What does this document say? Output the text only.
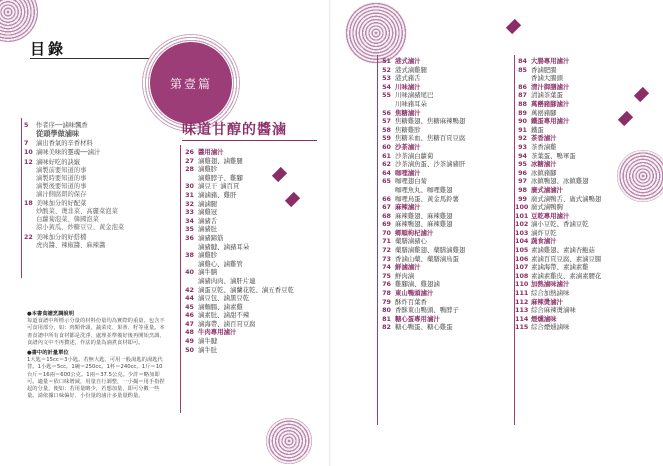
目錄
第壹篇
味道甘醇的醬滷
5 作者序──滷味飄香
從頭學做滷味
7 滷出香氣的辛香材料
10 滷味美味的靈魂──滷汁
12 滷味好吃的訣竅
滷製前要知道的事
滷製時要知道的事
滷製後要知道的事
滷汁側腐朗的保存
18 美味加分的好配菜
炒酸菜、燙韭菜、高麗菜泡菜
白蘿蔔泡菜、韓國泡菜
涼小黃瓜、炒糖豆豆、黃金泡菜
22 美味加分的好搭檔
虎肉醬、辣椒醬、麻辣醬
●本書食譜烹調說明
每道食譜中所標示分量的材料份量均為實際的重量，包含不可食用部分，如：肉類骨頭、蔬菜皮、果蒂、籽等重量。本書食譜中所有食材都是洗淨、處理並準備好後再開始烹調，食譜內文中不再贅述，作法的量為滷煮食材即可。
●書中的計量單位
1大匙＝15cc＝3小匙。若無大匙，可用一般湯匙的湯匙代替。1小匙＝5cc。1碗＝250cc。1杯＝240cc。1斤＝10台斤＝16兩＝600公克。1兩＝37.5公克。少許＝略加即可。適量＝依口味增減，用量自行調整，一小撮＝用手指捏起的分量，便如：若用量略少，若想加量，即可分數一些量。請依據口味偏好、小份量的滷汁多量量酌量。
26 醬用滷汁
27 滷雞翅、滷雞腿
28 滷雞胗
滷雞脖子、雞腳
30 滷豆干 滷百頁
31 滷滷豬、雞肝
32 滷滷腿
33 滷雞冠
34 滷豬舌
35 滷豬肚
36 滷豬蹄筋
滷豬腱、滷豬耳朵
38 滷雞胗
滷雞心、滷雞管
40 滷牛腩
滷豬肉肉、滷肝片連
42 滷蛋豆乾、滷蘭花乾、滷五香豆乾
44 滷豆包、滷黑豆乾
45 滷麵腸、滷素雞
46 滷素肚、滷甜不辣
47 滷海帶、滷百頁豆腐
48 牛肉專用滷汁
49 滷牛腱
50 滷牛肚
51 港式滷汁
52 港式滷雞腿
53 港式豬舌
54 川味滷汁
55 川味滷豬尾巴
川味豬耳朵
56 焦糖滷汁
57 焦糖雞翅、焦糖麻辣鴨翅
58 焦糖雞胗
59 焦糖米血、焦糖百頁豆腐
60 沙茶滷汁
61 沙茶滷白蘿蔔
62 沙茶滷魚蛋、沙茶滷豬肝
64 咖哩滷汁
65 咖哩翅白菊
咖哩魚丸、咖哩雞翅
66 咖哩鳥蛋、黃金馬鈴薯
67 麻辣滷汁
68 麻辣雞翅、麻辣雞翅
69 麻辣鴨翅、麻辣雞翅
70 鄉順枸杞滷汁
71 藥膳滷豬心
72 藥膳滷雞翅、藥膳滷雞翅
73 香滷山藥、藥膳滷鳥蛋
74 鮮滷滷汁
75 鮮肉滷
76 雞腳滷、雞翅滷
78 東山鴨頭滷汁
79 酥炸百葉香
80 香酥東山鴨頭、鴨脖子
81 糖心蛋專用滷汁
82 糖心鴨蛋、糖心雞蛋
84 大腸專用滷汁
85 香滷肥腸
香滷大腸頭
86 清汁御膳滷汁
87 清滷茶葉蛋
88 萬巒豬腳滷汁
89 萬巒豬腳
90 鐵蛋專用滷汁
91 鐵蛋
92 茶香滷汁
93 茶香滷雞
94 茶葉蛋、鴨軍蛋
95 冰糖滷汁
96 冰鎮豬腳
97 冰鎮鴨翅、冰鎮雞翅
98 廣式滷滷汁
99 廣式滷鴨舌、廣式滷鴨翅
100 廣式滷鴨胸
101 豆乾專用滷汁
102 滷小豆乾、香滷豆乾
103 滷炸豆乾
104 蔬食滷汁
105 素滷雞翅、素滷杏鮑菇
106 素滷百頁豆腐、素滷豆腸
107 素滷海帶、素滷素雞
108 素滷素雞皮、素滷素腰花
110 加熱滷味滷汁
111 綜合加熱滷味
112 麻辣燙滷汁
113 綜合麻辣燙滷味
114 煙燻滷味
115 綜合煙燻滷味
